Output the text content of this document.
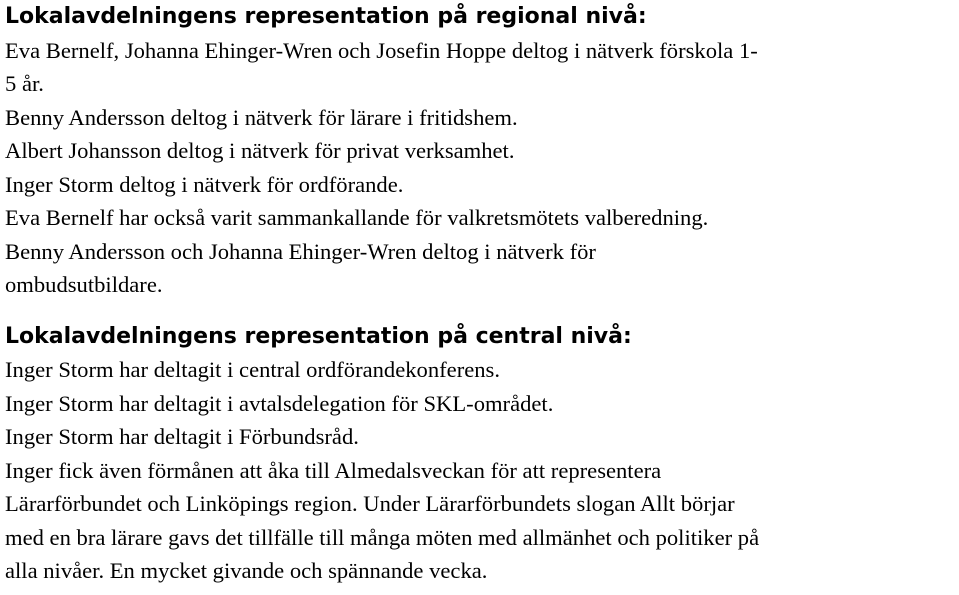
Lokalavdelningens representation på regional nivå:
Eva Bernelf, Johanna Ehinger-Wren och Josefin Hoppe deltog i nätverk förskola 1-
5 år.
Benny Andersson deltog i nätverk för lärare i fritidshem.
Albert Johansson deltog i nätverk för privat verksamhet.
Inger Storm deltog i nätverk för ordförande.
Eva Bernelf har också varit sammankallande för valkretsmötets valberedning.
Benny Andersson och Johanna Ehinger-Wren deltog i nätverk för
ombudsutbildare.
Lokalavdelningens representation på central nivå:
Inger Storm har deltagit i central ordförandekonferens.
Inger Storm har deltagit i avtalsdelegation för SKL-området.
Inger Storm har deltagit i Förbundsråd.
Inger fick även förmånen att åka till Almedalsveckan för att representera
Lärarförbundet och Linköpings region. Under Lärarförbundets slogan Allt börjar
med en bra lärare gavs det tillfälle till många möten med allmänhet och politiker på
alla nivåer. En mycket givande och spännande vecka.
